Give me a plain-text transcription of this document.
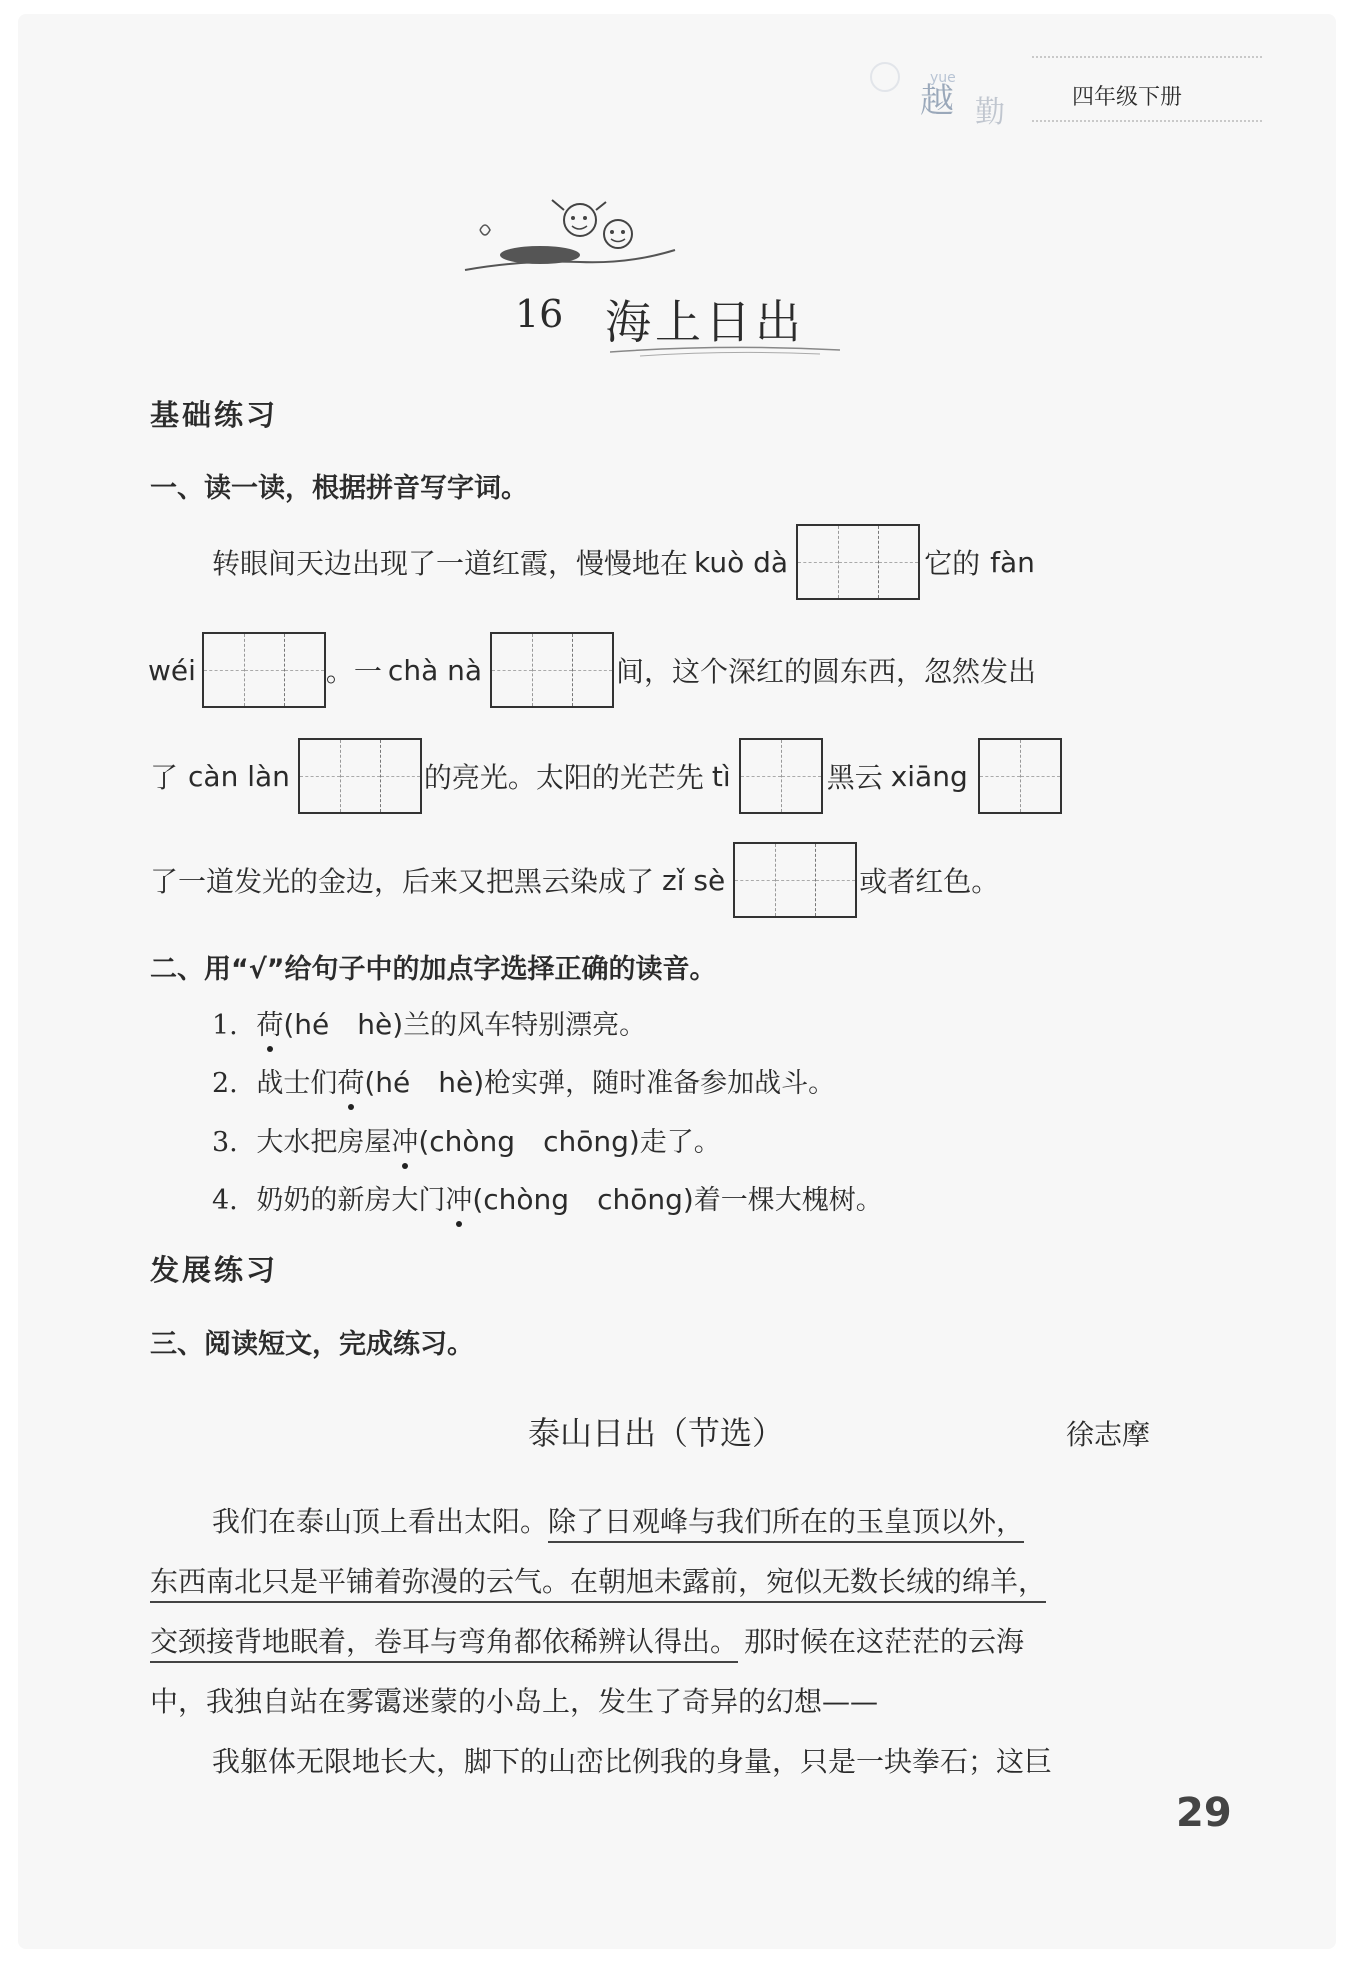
yue
越 勤	四年级下册
16 海上日出
基础练习
一、读一读，根据拼音写字词。
转眼间天边出现了一道红霞，慢慢地在 kuò dà	它的 fàn
wéi	。一 chà nà	间，这个深红的圆东西，忽然发出
了 càn làn	的亮光。太阳的光芒先 tì	黑云 xiāng
了一道发光的金边，后来又把黑云染成了 zǐ sè	或者红色。
二、用“√”给句子中的加点字选择正确的读音。
1. 荷(hé　hè)兰的风车特别漂亮。
2. 战士们荷(hé　hè)枪实弹，随时准备参加战斗。
3. 大水把房屋冲(chòng　chōng)走了。
4. 奶奶的新房大门冲(chòng　chōng)着一棵大槐树。
发展练习
三、阅读短文，完成练习。
泰山日出（节选）	徐志摩
我们在泰山顶上看出太阳。除了日观峰与我们所在的玉皇顶以外，
东西南北只是平铺着弥漫的云气。在朝旭未露前，宛似无数长绒的绵羊，
交颈接背地眠着，卷耳与弯角都依稀辨认得出。 那时候在这茫茫的云海
中，我独自站在雾霭迷蒙的小岛上，发生了奇异的幻想——
我躯体无限地长大，脚下的山峦比例我的身量，只是一块拳石；这巨
29
